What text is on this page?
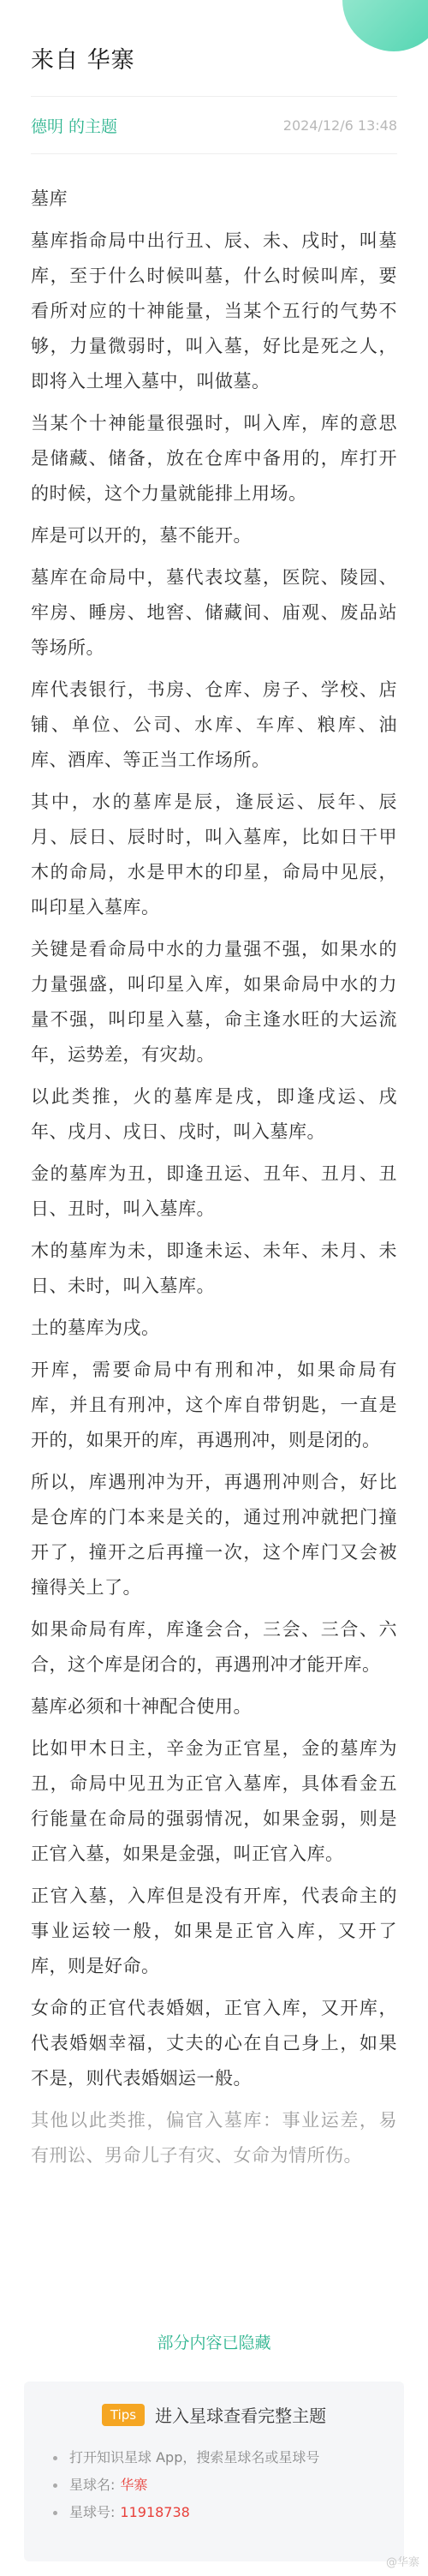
来自 华寨
德明 的主题	2024/12/6 13:48

墓库

墓库指命局中出行丑、辰、未、戌时，叫墓库，至于什么时候叫墓，什么时候叫库，要看所对应的十神能量，当某个五行的气势不够，力量微弱时，叫入墓，好比是死之人，即将入土埋入墓中，叫做墓。

当某个十神能量很强时，叫入库，库的意思是储藏、储备，放在仓库中备用的，库打开的时候，这个力量就能排上用场。

库是可以开的，墓不能开。

墓库在命局中，墓代表坟墓，医院、陵园、牢房、睡房、地窖、储藏间、庙观、废品站等场所。

库代表银行，书房、仓库、房子、学校、店铺、单位、公司、水库、车库、粮库、油库、酒库、等正当工作场所。

其中，水的墓库是辰，逢辰运、辰年、辰月、辰日、辰时时，叫入墓库，比如日干甲木的命局，水是甲木的印星，命局中见辰，叫印星入墓库。

关键是看命局中水的力量强不强，如果水的力量强盛，叫印星入库，如果命局中水的力量不强，叫印星入墓，命主逢水旺的大运流年，运势差，有灾劫。

以此类推，火的墓库是戌，即逢戌运、戌年、戌月、戌日、戌时，叫入墓库。

金的墓库为丑，即逢丑运、丑年、丑月、丑日、丑时，叫入墓库。

木的墓库为未，即逢未运、未年、未月、未日、未时，叫入墓库。

土的墓库为戌。

开库，需要命局中有刑和冲，如果命局有库，并且有刑冲，这个库自带钥匙，一直是开的，如果开的库，再遇刑冲，则是闭的。

所以，库遇刑冲为开，再遇刑冲则合，好比是仓库的门本来是关的，通过刑冲就把门撞开了，撞开之后再撞一次，这个库门又会被撞得关上了。

如果命局有库，库逢会合，三会、三合、六合，这个库是闭合的，再遇刑冲才能开库。

墓库必须和十神配合使用。

比如甲木日主，辛金为正官星，金的墓库为丑，命局中见丑为正官入墓库，具体看金五行能量在命局的强弱情况，如果金弱，则是正官入墓，如果是金强，叫正官入库。

正官入墓，入库但是没有开库，代表命主的事业运较一般，如果是正官入库，又开了库，则是好命。

女命的正官代表婚姻，正官入库，又开库，代表婚姻幸福，丈夫的心在自己身上，如果不是，则代表婚姻运一般。

其他以此类推，偏官入墓库：事业运差，易有刑讼、男命儿子有灾、女命为情所伤。

部分内容已隐藏
Tips	进入星球查看完整主题
打开知识星球 App，搜索星球名或星球号
星球名: 华寨
星球号: 11918738
@华寨
